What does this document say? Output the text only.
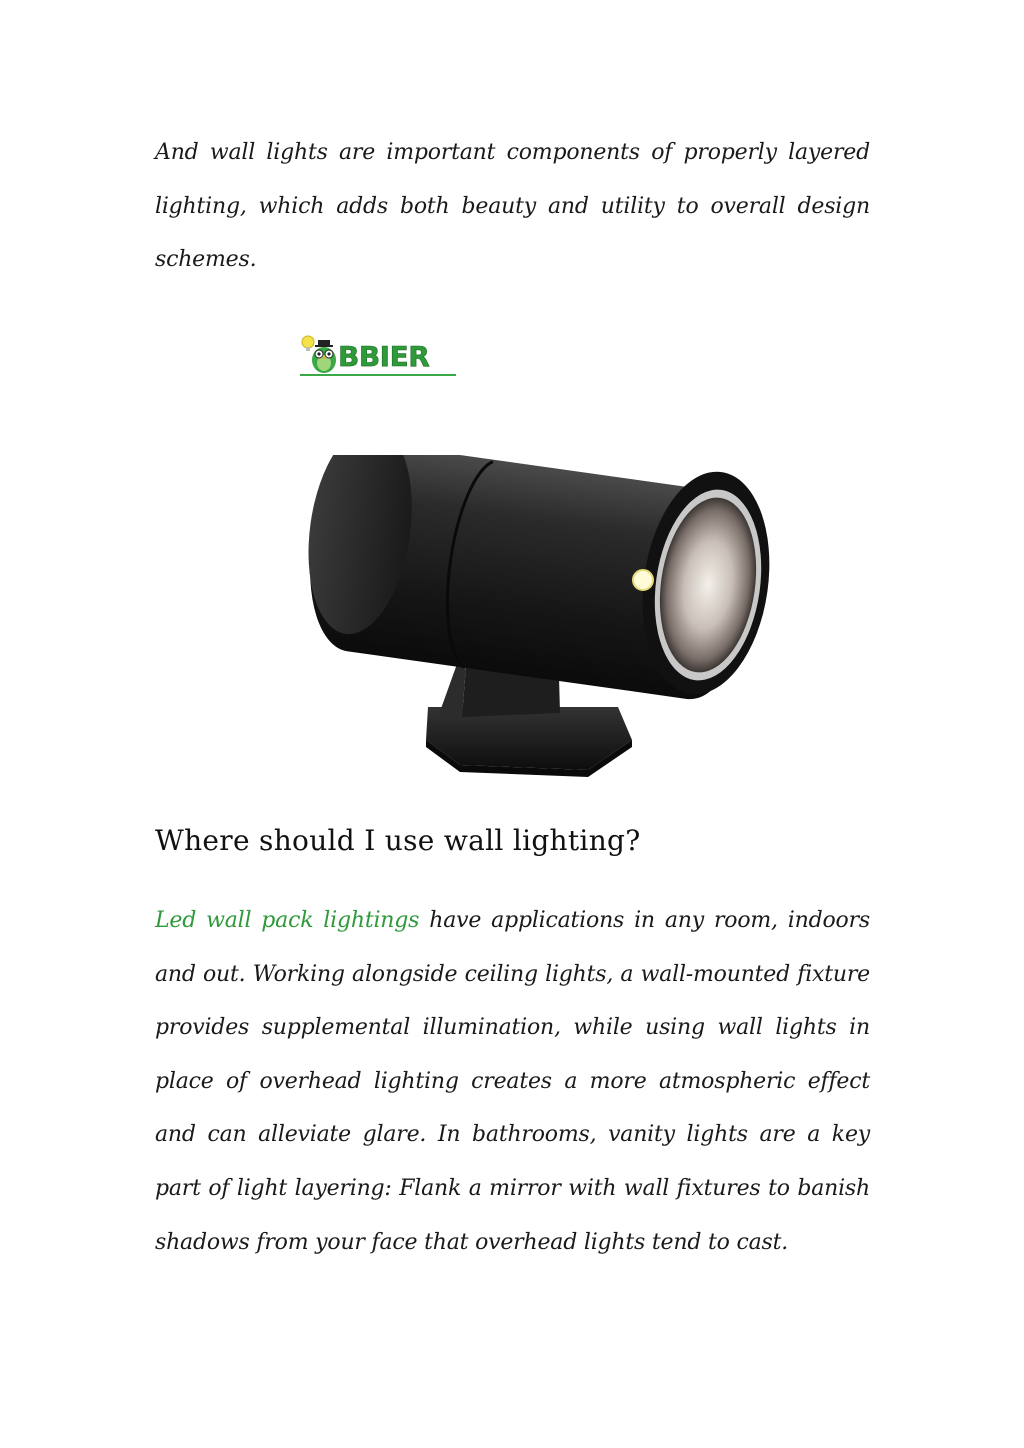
And wall lights are important components of properly layered lighting, which adds both beauty and utility to overall design schemes.

BBIER
Where should I use wall lighting?

Led wall pack lightings have applications in any room, indoors and out. Working alongside ceiling lights, a wall-mounted fixture provides supplemental illumination, while using wall lights in place of overhead lighting creates a more atmospheric effect and can alleviate glare. In bathrooms, vanity lights are a key part of light layering: Flank a mirror with wall fixtures to banish shadows from your face that overhead lights tend to cast.
